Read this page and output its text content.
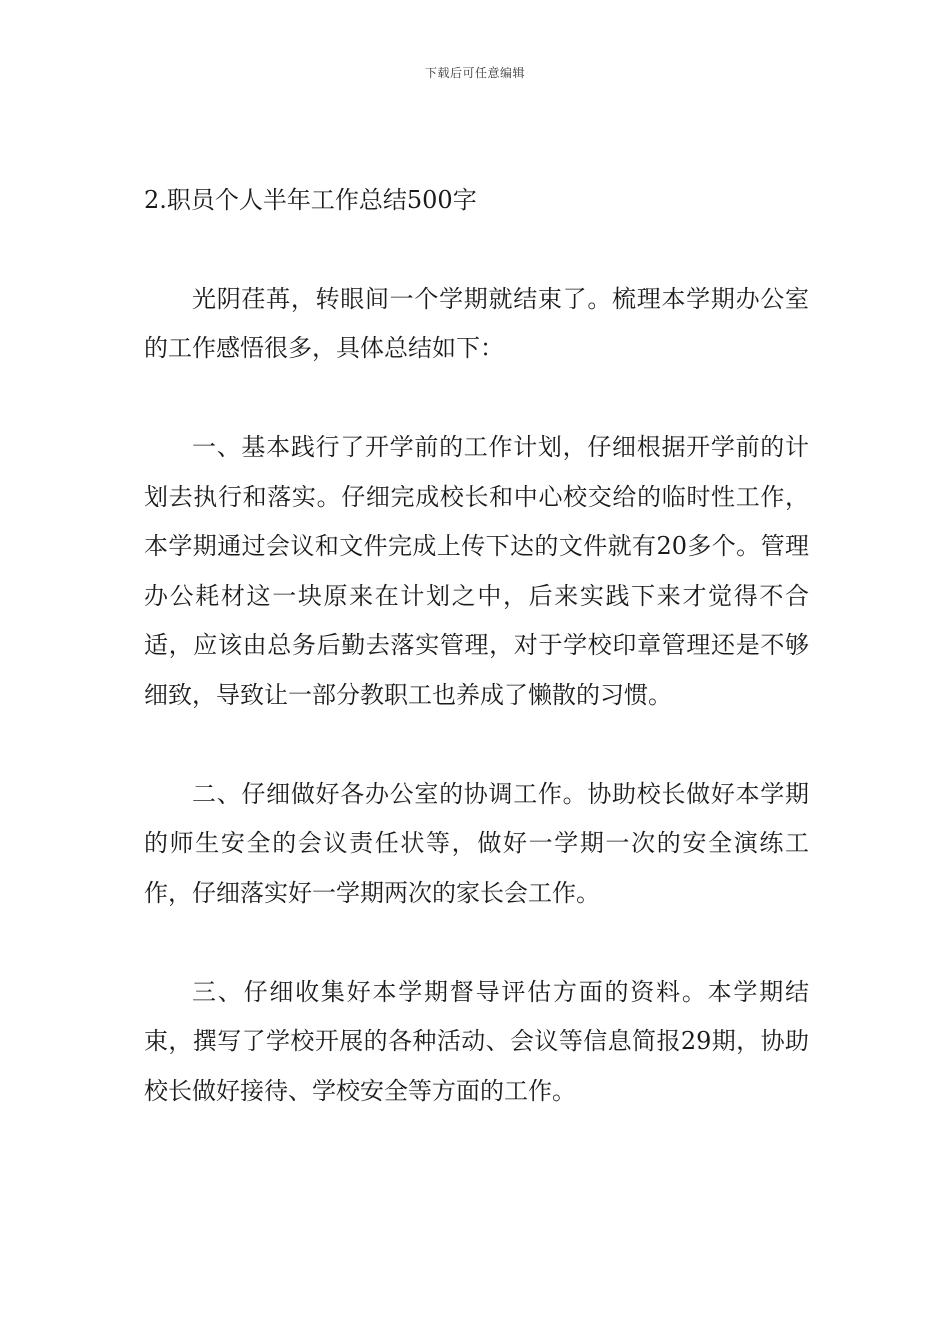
下载后可任意编辑
2.职员个人半年工作总结500字

光阴荏苒，转眼间一个学期就结束了。梳理本学期办公室的工作感悟很多，具体总结如下：

一、基本践行了开学前的工作计划，仔细根据开学前的计划去执行和落实。仔细完成校长和中心校交给的临时性工作，本学期通过会议和文件完成上传下达的文件就有20多个。管理办公耗材这一块原来在计划之中，后来实践下来才觉得不合适，应该由总务后勤去落实管理，对于学校印章管理还是不够细致，导致让一部分教职工也养成了懒散的习惯。

二、仔细做好各办公室的协调工作。协助校长做好本学期的师生安全的会议责任状等，做好一学期一次的安全演练工作，仔细落实好一学期两次的家长会工作。

三、仔细收集好本学期督导评估方面的资料。本学期结束，撰写了学校开展的各种活动、会议等信息简报29期，协助校长做好接待、学校安全等方面的工作。
